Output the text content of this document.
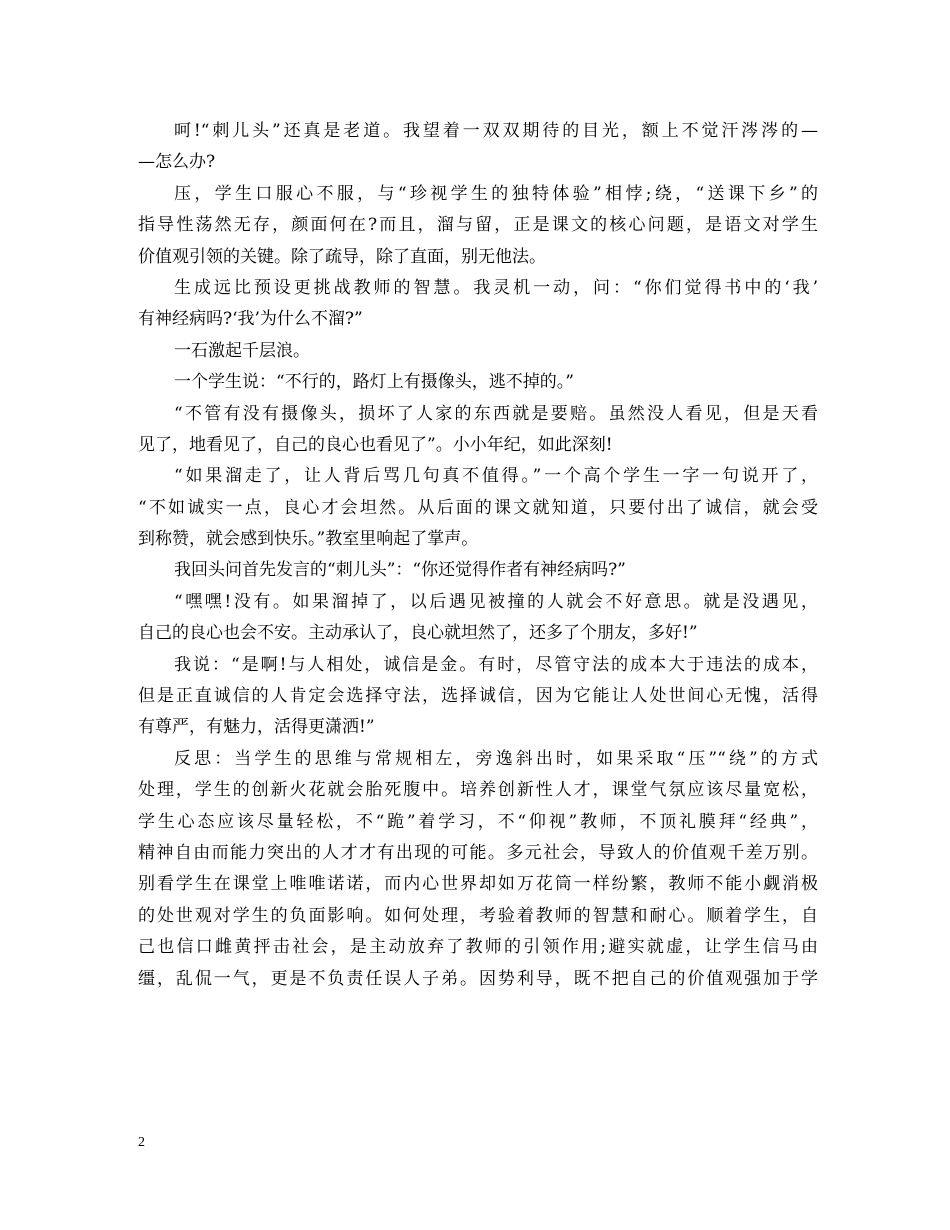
呵!“刺儿头”还真是老道。我望着一双双期待的目光，额上不觉汗涔涔的—
—怎么办?
压，学生口服心不服，与“珍视学生的独特体验”相悖;绕，“送课下乡”的
指导性荡然无存，颜面何在?而且，溜与留，正是课文的核心问题，是语文对学生
价值观引领的关键。除了疏导，除了直面，别无他法。
生成远比预设更挑战教师的智慧。我灵机一动，问：“你们觉得书中的‘我’
有神经病吗?‘我’为什么不溜?”
一石激起千层浪。
一个学生说：“不行的，路灯上有摄像头，逃不掉的。”
“不管有没有摄像头，损坏了人家的东西就是要赔。虽然没人看见，但是天看
见了，地看见了，自己的良心也看见了”。小小年纪，如此深刻!
“如果溜走了，让人背后骂几句真不值得。”一个高个学生一字一句说开了，
“不如诚实一点，良心才会坦然。从后面的课文就知道，只要付出了诚信，就会受
到称赞，就会感到快乐。”教室里响起了掌声。
我回头问首先发言的“刺儿头”：“你还觉得作者有神经病吗?”
“嘿嘿!没有。如果溜掉了，以后遇见被撞的人就会不好意思。就是没遇见，
自己的良心也会不安。主动承认了，良心就坦然了，还多了个朋友，多好!”
我说：“是啊!与人相处，诚信是金。有时，尽管守法的成本大于违法的成本，
但是正直诚信的人肯定会选择守法，选择诚信，因为它能让人处世间心无愧，活得
有尊严，有魅力，活得更潇洒!”
反思：当学生的思维与常规相左，旁逸斜出时，如果采取“压”“绕”的方式
处理，学生的创新火花就会胎死腹中。培养创新性人才，课堂气氛应该尽量宽松，
学生心态应该尽量轻松，不“跪”着学习，不“仰视”教师，不顶礼膜拜“经典”，
精神自由而能力突出的人才才有出现的可能。多元社会，导致人的价值观千差万别。
别看学生在课堂上唯唯诺诺，而内心世界却如万花筒一样纷繁，教师不能小觑消极
的处世观对学生的负面影响。如何处理，考验着教师的智慧和耐心。顺着学生，自
己也信口雌黄抨击社会，是主动放弃了教师的引领作用;避实就虚，让学生信马由
缰，乱侃一气，更是不负责任误人子弟。因势利导，既不把自己的价值观强加于学
2
